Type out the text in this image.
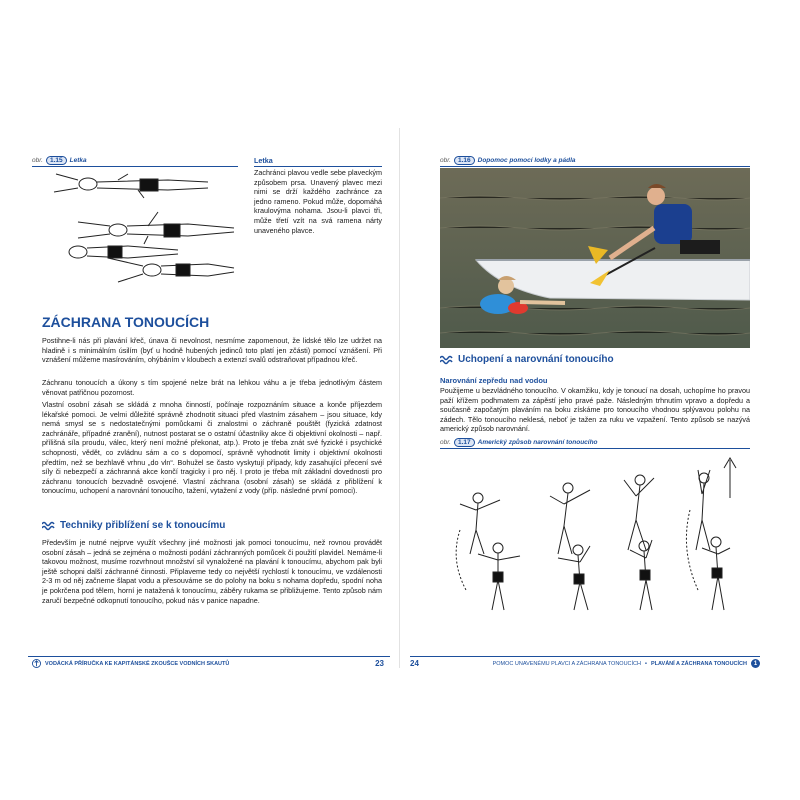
obr.	1.15	Letka	Letka

Zachránci plavou vedle sebe plaveckým způsobem prsa. Unavený plavec mezi nimi se drží každého zachránce za jedno rameno. Pokud může, dopomáhá kraulovýma nohama. Jsou-li plavci tři, může třetí vzít na svá ramena nárty unaveného plavce.

ZÁCHRANA TONOUCÍCH

Postihne-li nás při plavání křeč, únava či nevolnost, nesmíme zapomenout, že lidské tělo lze udržet na hladině i s minimálním úsilím (byť u hodně hubených jedinců toto platí jen zčásti) pomocí vznášení. Při vznášení můžeme masírováním, ohýbáním v kloubech a extenzí svalů odstraňovat případnou křeč.

Záchranu tonoucích a úkony s tím spojené nelze brát na lehkou váhu a je třeba jednotlivým částem věnovat patřičnou pozornost.

Vlastní osobní zásah se skládá z mnoha činností, počínaje rozpoznáním situace a konče příjezdem lékařské pomoci. Je velmi důležité správně zhodnotit situaci před vlastním zásahem – jsou situace, kdy nemá smysl se s nedostatečnými pomůckami či znalostmi o záchraně pouštět (fyzická zdatnost zachránáře, případné zranění), nutnost postarat se o ostatní účastníky akce či objektivní okolnosti – např. přílišná síla proudu, válec, který není možné překonat, atp.). Proto je třeba znát své fyzické i psychické schopnosti, vědět, co zvládnu sám a co s dopomocí, správně vyhodnotit limity i objektivní okolnosti předtím, než se bezhlavě vrhnu „do vln“. Bohužel se často vyskytují případy, kdy zasahující přecení své síly či nebezpečí a záchranná akce končí tragicky i pro něj. I proto je třeba mít základní dovednosti pro záchranu tonoucích bezvadně osvojené. Vlastní záchrana (osobní zásah) se skládá z přiblížení k tonoucímu, uchopení a narovnání tonoucího, tažení, vytažení z vody (příp. následné první pomoci).

Techniky přiblížení se k tonoucímu

Především je nutné nejprve využít všechny jiné možnosti jak pomoci tonoucímu, než rovnou provádět osobní zásah – jedná se zejména o možnosti podání záchranných pomůcek či použití plavidel. Nemáme-li takovou možnost, musíme rozvrhnout množství sil vynaložené na plavání k tonoucímu, abychom pak byli ještě schopni další záchranné činnosti. Připlaveme tedy co největší rychlostí k tonoucímu, ve vzdálenosti 2-3 m od něj začneme šlapat vodu a přesouváme se do polohy na boku s nohama dopředu, spodní noha je pokrčena pod tělem, horní je natažená k tonoucímu, záběry rukama se přibližujeme. Tento způsob nám zaručí bezpečné odkopnutí tonoucího, pokud nás v panice napadne.

VODÁCKÁ PŘÍRUČKA KE KAPITÁNSKÉ ZKOUŠCE VODNÍCH SKAUTŮ	23
obr.	1.16	Dopomoc pomocí lodky a pádla
Uchopení a narovnání tonoucího
Narovnání zepředu nad vodou

Použijeme u bezvládného tonoucího. V okamžiku, kdy je tonoucí na dosah, uchopíme ho pravou paží křížem podhmatem za zápěstí jeho pravé paže. Následným trhnutím vpravo a dopředu a současně započatým plaváním na boku získáme pro tonoucího vhodnou splývavou polohu na zádech. Tělo tonoucího neklesá, neboť je tažen za ruku ve vzpažení. Tento způsob se nazývá americký způsob narovnání.

obr.	1.17	Americký způsob narovnání tonoucího
24	POMOC UNAVENÉMU PLAVCI A ZÁCHRANA TONOUCÍCH • PLAVÁNÍ A ZÁCHRANA TONOUCÍCH	1
